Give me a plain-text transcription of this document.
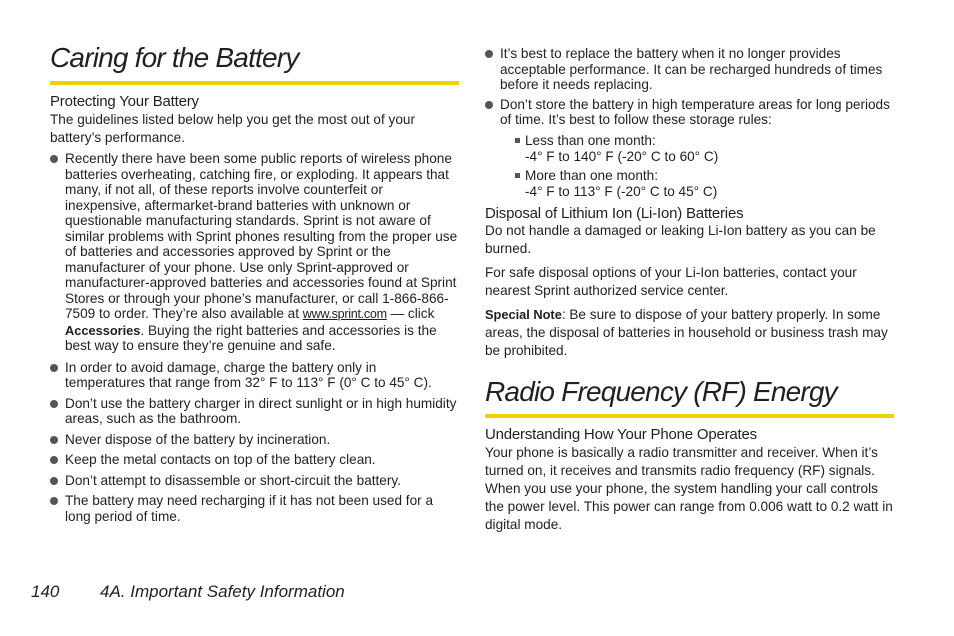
Caring for the Battery
Protecting Your Battery

The guidelines listed below help you get the most out of your battery’s performance.

Recently there have been some public reports of wireless phone batteries overheating, catching fire, or exploding. It appears that many, if not all, of these reports involve counterfeit or inexpensive, aftermarket-brand batteries with unknown or questionable manufacturing standards. Sprint is not aware of similar problems with Sprint phones resulting from the proper use of batteries and accessories approved by Sprint or the manufacturer of your phone. Use only Sprint-approved or manufacturer-approved batteries and accessories found at Sprint Stores or through your phone’s manufacturer, or call 1-866-866-7509 to order. They’re also available at www.sprint.com — click Accessories. Buying the right batteries and accessories is the best way to ensure they’re genuine and safe.
In order to avoid damage, charge the battery only in temperatures that range from 32° F to 113° F (0° C to 45° C).
Don’t use the battery charger in direct sunlight or in high humidity areas, such as the bathroom.
Never dispose of the battery by incineration.
Keep the metal contacts on top of the battery clean.
Don’t attempt to disassemble or short-circuit the battery.
The battery may need recharging if it has not been used for a long period of time.
It’s best to replace the battery when it no longer provides acceptable performance. It can be recharged hundreds of times before it needs replacing.
Don’t store the battery in high temperature areas for long periods of time. It’s best to follow these storage rules:
Less than one month:
-4° F to 140° F (-20° C to 60° C)
More than one month:
-4° F to 113° F (-20° C to 45° C)
Disposal of Lithium Ion (Li-Ion) Batteries

Do not handle a damaged or leaking Li-Ion battery as you can be burned.

For safe disposal options of your Li-Ion batteries, contact your nearest Sprint authorized service center.

Special Note: Be sure to dispose of your battery properly. In some areas, the disposal of batteries in household or business trash may be prohibited.

Radio Frequency (RF) Energy
Understanding How Your Phone Operates

Your phone is basically a radio transmitter and receiver. When it’s turned on, it receives and transmits radio frequency (RF) signals. When you use your phone, the system handling your call controls the power level. This power can range from 0.006 watt to 0.2 watt in digital mode.

140 4A. Important Safety Information
